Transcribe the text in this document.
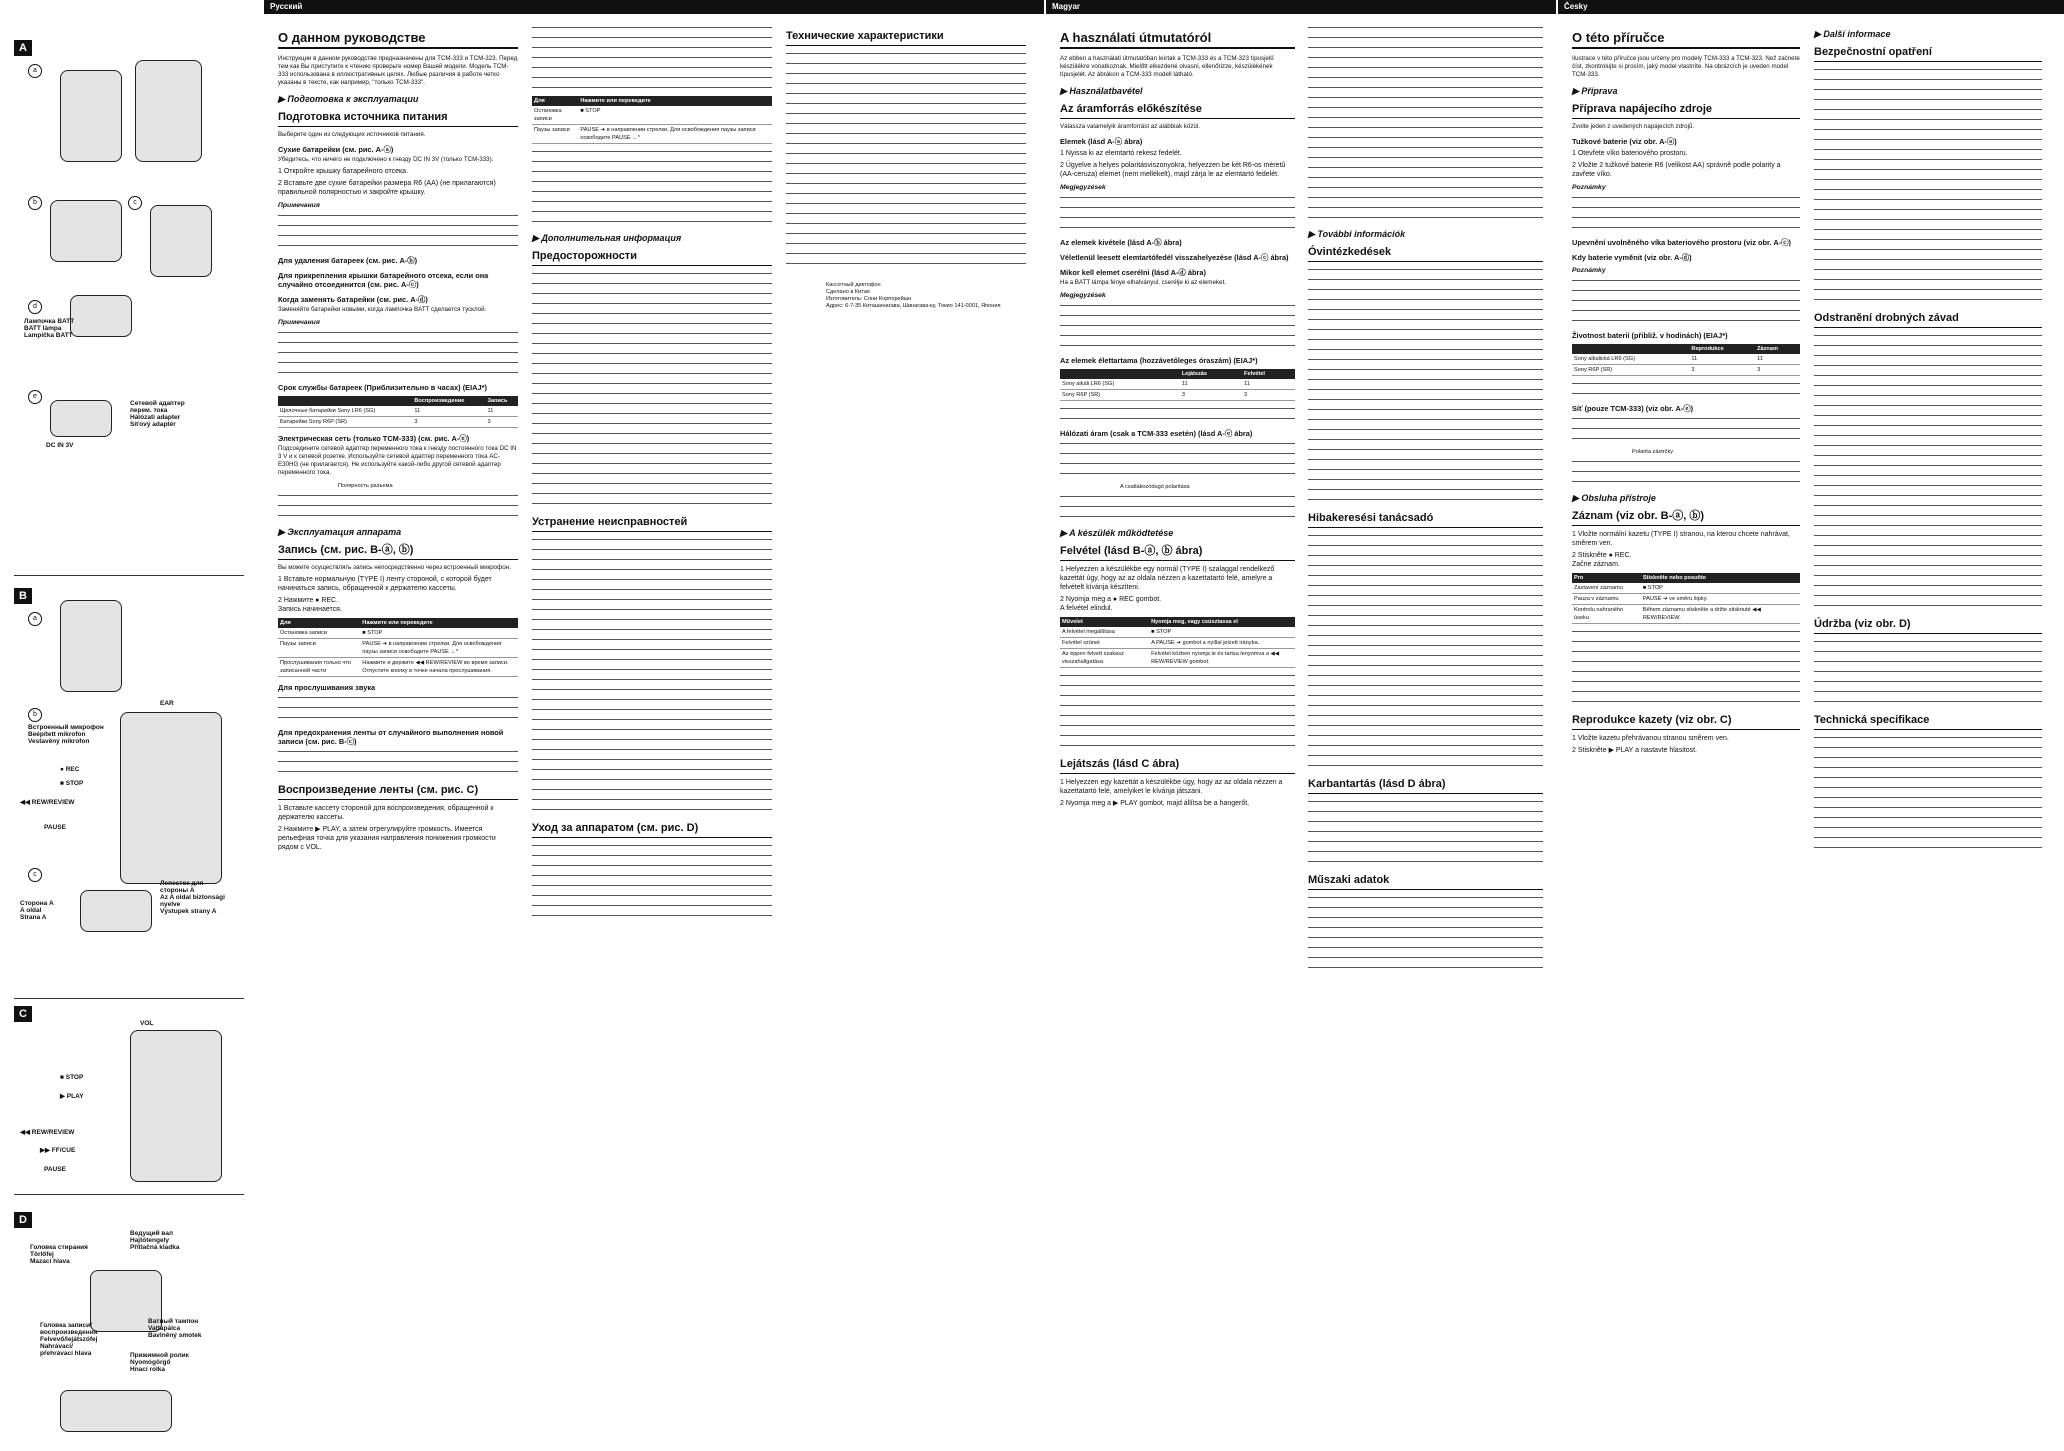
A
a
b	c
d
Лампочка BATT
BATT lámpa
Lampička BATT
e
Сетевой адаптер
перем. тока
Hálózati adapter
Síťový adaptér
DC IN 3V
B
a
b
EAR
Встроенный микрофон
Beépített mikrofon
Vestavěný mikrofon
● REC
■ STOP
◀◀ REW/REVIEW
PAUSE
c
Сторона A
A oldal
Strana A
Лепесток для
стороны А
Az A oldal biztonsági
nyelve
Výstupek strany A
C
VOL
■ STOP
▶ PLAY
◀◀ REW/REVIEW
▶▶ FF/CUE
PAUSE
D
Головка стирания
Törlőfej
Mazací hlava
Ведущий вал
Hajtótengely
Přítlačná kladka
Головка записи/
воспроизведения
Felvevő/lejátszófej
Nahrávací/
přehrávací hlava
Ватный тампон
Vattapálca
Bavlněný smotek
Прижимной ролик
Nyomógörgő
Hnací rolka
Русский
О данном руководстве
Инструкции в данном руководстве предназначены для TCM-333 и TCM-323. Перед тем как Вы приступите к чтению проверьте номер Вашей модели. Модель TCM-333 использована в иллюстративных целях. Любые различия в работе четко указаны в тексте, как например, "только TCM-333".
▶ Подготовка к эксплуатации
Подготовка источника питания
Выберите один из следующих источников питания.
Сухие батарейки (см. рис. A-ⓐ)
Убедитесь, что ничего не подключено к гнезду DC IN 3V (только TCM-333).
1 Откройте крышку батарейного отсека.
2 Вставьте две сухие батарейки размера R6 (AA) (не прилагаются) правильной полярностью и закройте крышку.
Примечания
Для удаления батареек (см. рис. A-ⓑ)
Для прикрепления крышки батарейного отсека, если она случайно отсоединится (см. рис. A-ⓒ)
Когда заменять батарейки (см. рис. A-ⓓ)
Заменяйте батарейки новыми, когда лампочка BATT сделается тусклой.
Примечания
Срок службы батареек (Приблизительно в часах) (EIAJ*)
	Воспроизведение	Запись
Щелочные батарейки Sony LR6 (SG)	11	11
Батарейки Sony R6P (SR)	3	3
Электрическая сеть (только TCM-333) (см. рис. A-ⓔ)
Подсоедините сетевой адаптер переменного тока к гнезду постоянного тока DC IN 3 V и к сетевой розетке. Используйте сетевой адаптер переменного тока AC-E30HG (не прилагается). Не используйте какой-либо другой сетевой адаптер переменного тока.
Полярность разъема
▶ Эксплуатация аппарата
Запись (см. рис. B-ⓐ, ⓑ)
Вы можете осуществлять запись непосредственно через встроенный микрофон.
1 Вставьте нормальную (TYPE I) ленту стороной, с которой будет начинаться запись, обращенной к держателю кассеты.
2 Нажмите ● REC.
Запись начинается.
Для	Нажмите или переведите
Остановка записи	■ STOP
Паузы записи	PAUSE ➜ в направлении стрелки. Для освобождения паузы записи освободите PAUSE ←*
Прослушивания только что записанной части	Нажмите и держите ◀◀ REW/REVIEW во время записи. Отпустите кнопку в точке начала прослушивания.
Для прослушивания звука
Для предохранения ленты от случайного выполнения новой записи (см. рис. B-ⓒ)
Воспроизведение ленты (см. рис. C)
1 Вставьте кассету стороной для воспроизведения, обращенной к держателю кассеты.
2 Нажмите ▶ PLAY, а затем отрегулируйте громкость. Имеется рельефная точка для указания направления понижения громкости рядом с VOL.
Для	Нажмите или переведите
Остановка записи	■ STOP
Паузы записи	PAUSE ➜ в направлении стрелки. Для освобождения паузы записи освободите PAUSE ←*
▶ Дополнительная информация
Предосторожности
Устранение неисправностей
Уход за аппаратом (см. рис. D)
Технические характеристики
Кассетный диктофон
Сделано в Китае
Изготовитель: Сони Корпорейшн
Адрес: 6-7-35 Киташинагава, Шинагава-ку, Токио 141-0001, Япония
Magyar
A használati útmutatóról
Az ebben a használati útmutatóban leírtak a TCM-333 és a TCM-323 típusjelű készülékre vonatkoznak. Mielőtt elkezdené olvasni, ellenőrizze, készülékének típusjelét. Az ábrákon a TCM-333 modell látható.
▶ Használatbavétel
Az áramforrás előkészítése
Válassza valamelyik áramforrást az alábbiak közül.
Elemek (lásd A-ⓐ ábra)
1 Nyissa ki az elemtartó rekesz fedelét.
2 Ügyelve a helyes polaritásviszonyokra, helyezzen be két R6-os méretű (AA-ceruza) elemet (nem mellékelt), majd zárja le az elemtartó fedelét.
Megjegyzések
Az elemek kivétele (lásd A-ⓑ ábra)
Véletlenül leesett elemtartófedél visszahelyezése (lásd A-ⓒ ábra)
Mikor kell elemet cserélni (lásd A-ⓓ ábra)
Ha a BATT lámpa fénye elhalványul, cserélje ki az elemeket.
Megjegyzések
Az elemek élettartama (hozzávetőleges óraszám) (EIAJ*)
	Lejátszás	Felvétel
Sony alkáli LR6 (SG)	11	11
Sony R6P (SR)	3	3
Hálózati áram (csak a TCM-333 esetén) (lásd A-ⓔ ábra)
A csatlakozódugó polaritása
▶ A készülék működtetése
Felvétel (lásd B-ⓐ, ⓑ ábra)
1 Helyezzen a készülékbe egy normál (TYPE I) szalaggal rendelkező kazettát úgy, hogy az az oldala nézzen a kazettatartó felé, amelyre a felvételt kívánja készíteni.
2 Nyomja meg a ● REC gombot.
A felvétel elindul.
Művelet	Nyomja meg, vagy csúsztassa el
A felvétel megállítása	■ STOP
Felvétel szünet	A PAUSE ➜ gombot a nyíllal jelzett irányba.
Az éppen felvett szakasz visszahallgatása	Felvétel közben nyomja le és tartsa lenyomva a ◀◀ REW/REVIEW gombot.
Lejátszás (lásd C ábra)
1 Helyezzen egy kazettát a készülékbe úgy, hogy az az oldala nézzen a kazettatartó felé, amelyiket le kívánja játszani.
2 Nyomja meg a ▶ PLAY gombot, majd állítsa be a hangerőt.
▶ További információk
Óvintézkedések
Hibakeresési tanácsadó
Karbantartás (lásd D ábra)
Műszaki adatok
Česky
O této příručce
Ilustrace v této příručce jsou určeny pro modely TCM-333 a TCM-323. Než začnete číst, zkontrolujte si prosím, jaký model vlastníte. Na obrázcích je uveden model TCM-333.
▶ Příprava
Příprava napájecího zdroje
Zvolte jeden z uvedených napájecích zdrojů.
Tužkové baterie (viz obr. A-ⓐ)
1 Otevřete víko bateriového prostoru.
2 Vložte 2 tužkové baterie R6 (velikost AA) správně podle polarity a zavřete víko.
Poznámky
Upevnění uvolněného víka bateriového prostoru (viz obr. A-ⓒ)
Kdy baterie vyměnit (viz obr. A-ⓓ)
Poznámky
Životnost baterií (přibliž. v hodinách) (EIAJ*)
	Reprodukce	Záznam
Sony alkalická LR6 (SG)	11	11
Sony R6P (SR)	3	3
Síť (pouze TCM-333) (viz obr. A-ⓔ)
Polarita zástrčky
▶ Obsluha přístroje
Záznam (viz obr. B-ⓐ, ⓑ)
1 Vložte normální kazetu (TYPE I) stranou, na kterou chcete nahrávat, směrem ven.
2 Stiskněte ● REC.
Začne záznam.
Pro	Stiskněte nebo posuňte
Zastavení záznamu	■ STOP
Pauza v záznamu	PAUSE ➜ ve směru šipky.
Kontrolu nahraného úseku	Během záznamu stiskněte a držte stisknuté ◀◀ REW/REVIEW.
Reprodukce kazety (viz obr. C)
1 Vložte kazetu přehrávanou stranou směrem ven.
2 Stiskněte ▶ PLAY a nastavte hlasitost.
▶ Další informace
Bezpečnostní opatření
Odstranění drobných závad
Údržba (viz obr. D)
Technická specifikace
